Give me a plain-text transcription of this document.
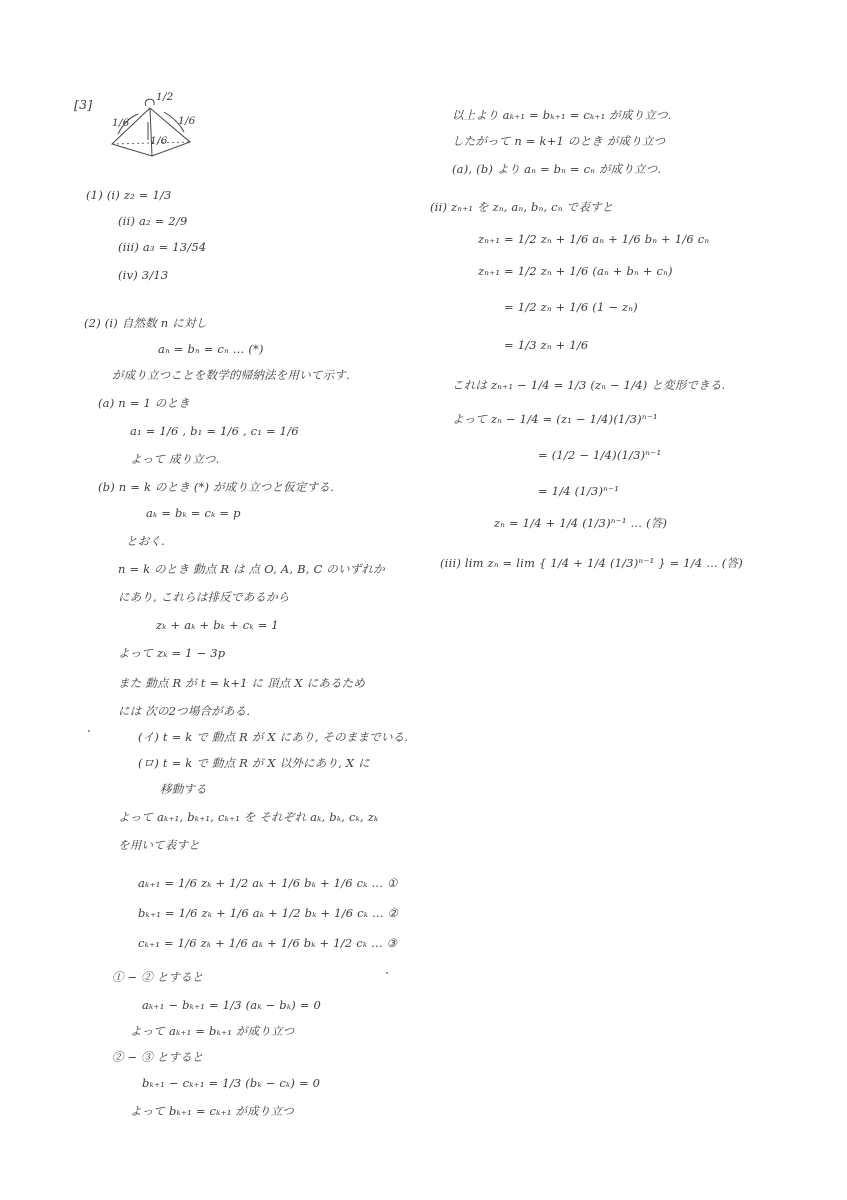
[3]	1/2
1/6	1/6
1/6
(1) (i) z₂ = 1/3
(ii) a₂ = 2/9
(iii) a₃ = 13/54
(iv) 3/13
(2) (i) 自然数 n に対し
aₙ = bₙ = cₙ … (*)
が成り立つことを数学的帰納法を用いて示す.
(a) n = 1 のとき
a₁ = 1/6 , b₁ = 1/6 , c₁ = 1/6
よって 成り立つ.
(b) n = k のとき (*) が成り立つと仮定する.
aₖ = bₖ = cₖ = p
とおく.
n = k のとき 動点 R は 点 O, A, B, C のいずれか
にあり, これらは排反であるから
zₖ + aₖ + bₖ + cₖ = 1
よって zₖ = 1 − 3p
また 動点 R が t = k+1 に 頂点 X にあるため
には 次の2つ場合がある.
(イ) t = k で 動点 R が X にあり, そのままでいる.
(ロ) t = k で 動点 R が X 以外にあり, X に
移動する
よって aₖ₊₁, bₖ₊₁, cₖ₊₁ を それぞれ aₖ, bₖ, cₖ, zₖ
を用いて表すと
aₖ₊₁ = 1/6 zₖ + 1/2 aₖ + 1/6 bₖ + 1/6 cₖ … ①
bₖ₊₁ = 1/6 zₖ + 1/6 aₖ + 1/2 bₖ + 1/6 cₖ … ②
cₖ₊₁ = 1/6 zₖ + 1/6 aₖ + 1/6 bₖ + 1/2 cₖ … ③
① − ② とすると
aₖ₊₁ − bₖ₊₁ = 1/3 (aₖ − bₖ) = 0
よって aₖ₊₁ = bₖ₊₁ が成り立つ
② − ③ とすると
bₖ₊₁ − cₖ₊₁ = 1/3 (bₖ − cₖ) = 0
よって bₖ₊₁ = cₖ₊₁ が成り立つ
以上より aₖ₊₁ = bₖ₊₁ = cₖ₊₁ が成り立つ.
したがって n = k+1 のとき が成り立つ
(a), (b) より aₙ = bₙ = cₙ が成り立つ.
(ii) zₙ₊₁ を zₙ, aₙ, bₙ, cₙ で表すと
zₙ₊₁ = 1/2 zₙ + 1/6 aₙ + 1/6 bₙ + 1/6 cₙ
zₙ₊₁ = 1/2 zₙ + 1/6 (aₙ + bₙ + cₙ)
= 1/2 zₙ + 1/6 (1 − zₙ)
= 1/3 zₙ + 1/6
これは zₙ₊₁ − 1/4 = 1/3 (zₙ − 1/4) と変形できる.
よって zₙ − 1/4 = (z₁ − 1/4)(1/3)ⁿ⁻¹
= (1/2 − 1/4)(1/3)ⁿ⁻¹
= 1/4 (1/3)ⁿ⁻¹
zₙ = 1/4 + 1/4 (1/3)ⁿ⁻¹ … (答)
(iii) lim zₙ = lim { 1/4 + 1/4 (1/3)ⁿ⁻¹ } = 1/4 … (答)
